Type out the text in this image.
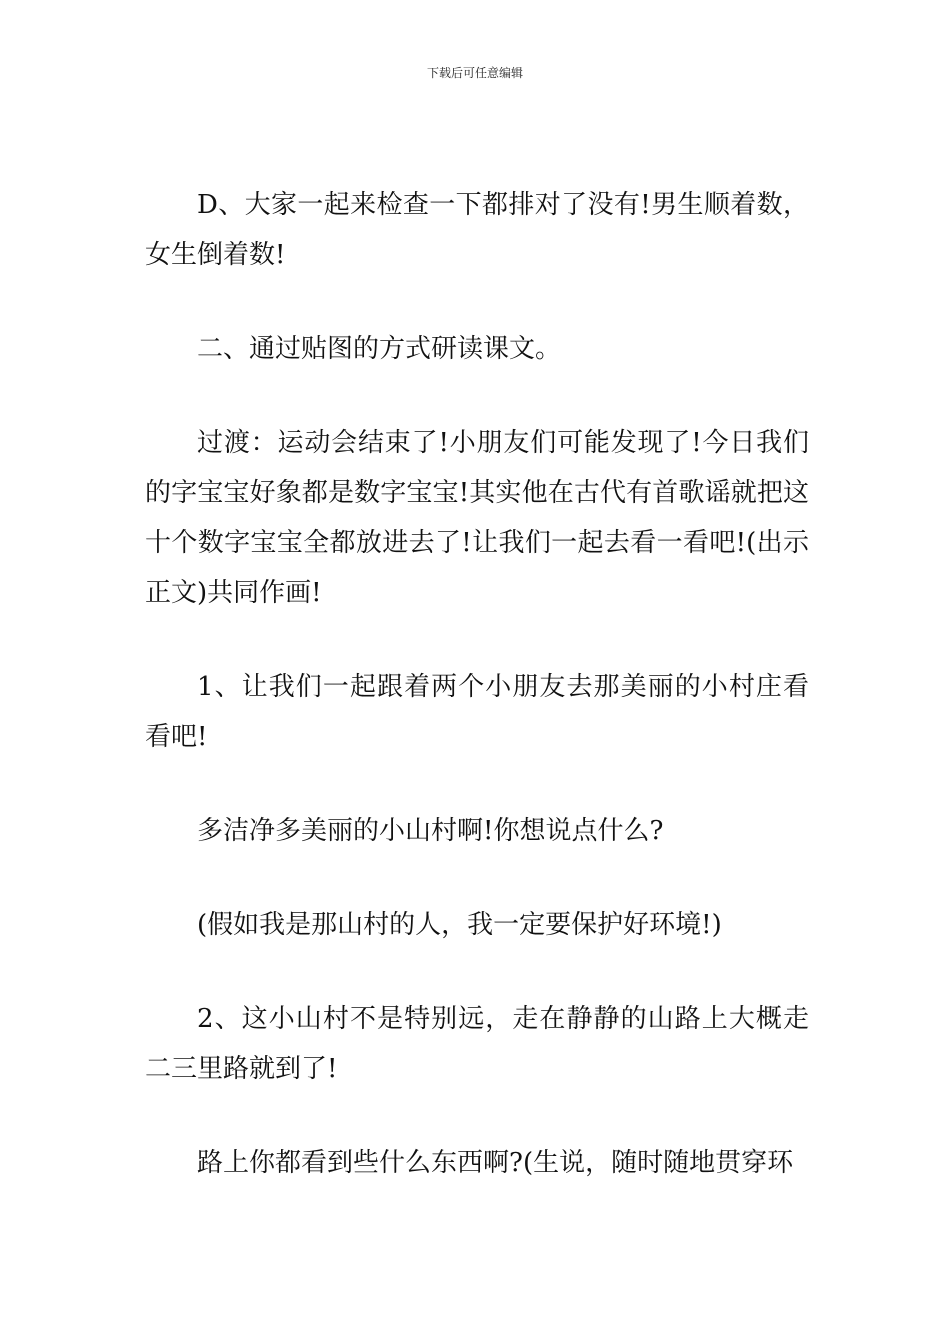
下载后可任意编辑

D、大家一起来检查一下都排对了没有!男生顺着数，女生倒着数!

二、通过贴图的方式研读课文。

过渡：运动会结束了!小朋友们可能发现了!今日我们的字宝宝好象都是数字宝宝!其实他在古代有首歌谣就把这十个数字宝宝全都放进去了!让我们一起去看一看吧!(出示正文)共同作画!

1、让我们一起跟着两个小朋友去那美丽的小村庄看看吧!

多洁净多美丽的小山村啊!你想说点什么?

(假如我是那山村的人，我一定要保护好环境!)

2、这小山村不是特别远，走在静静的山路上大概走二三里路就到了!

路上你都看到些什么东西啊?(生说，随时随地贯穿环
